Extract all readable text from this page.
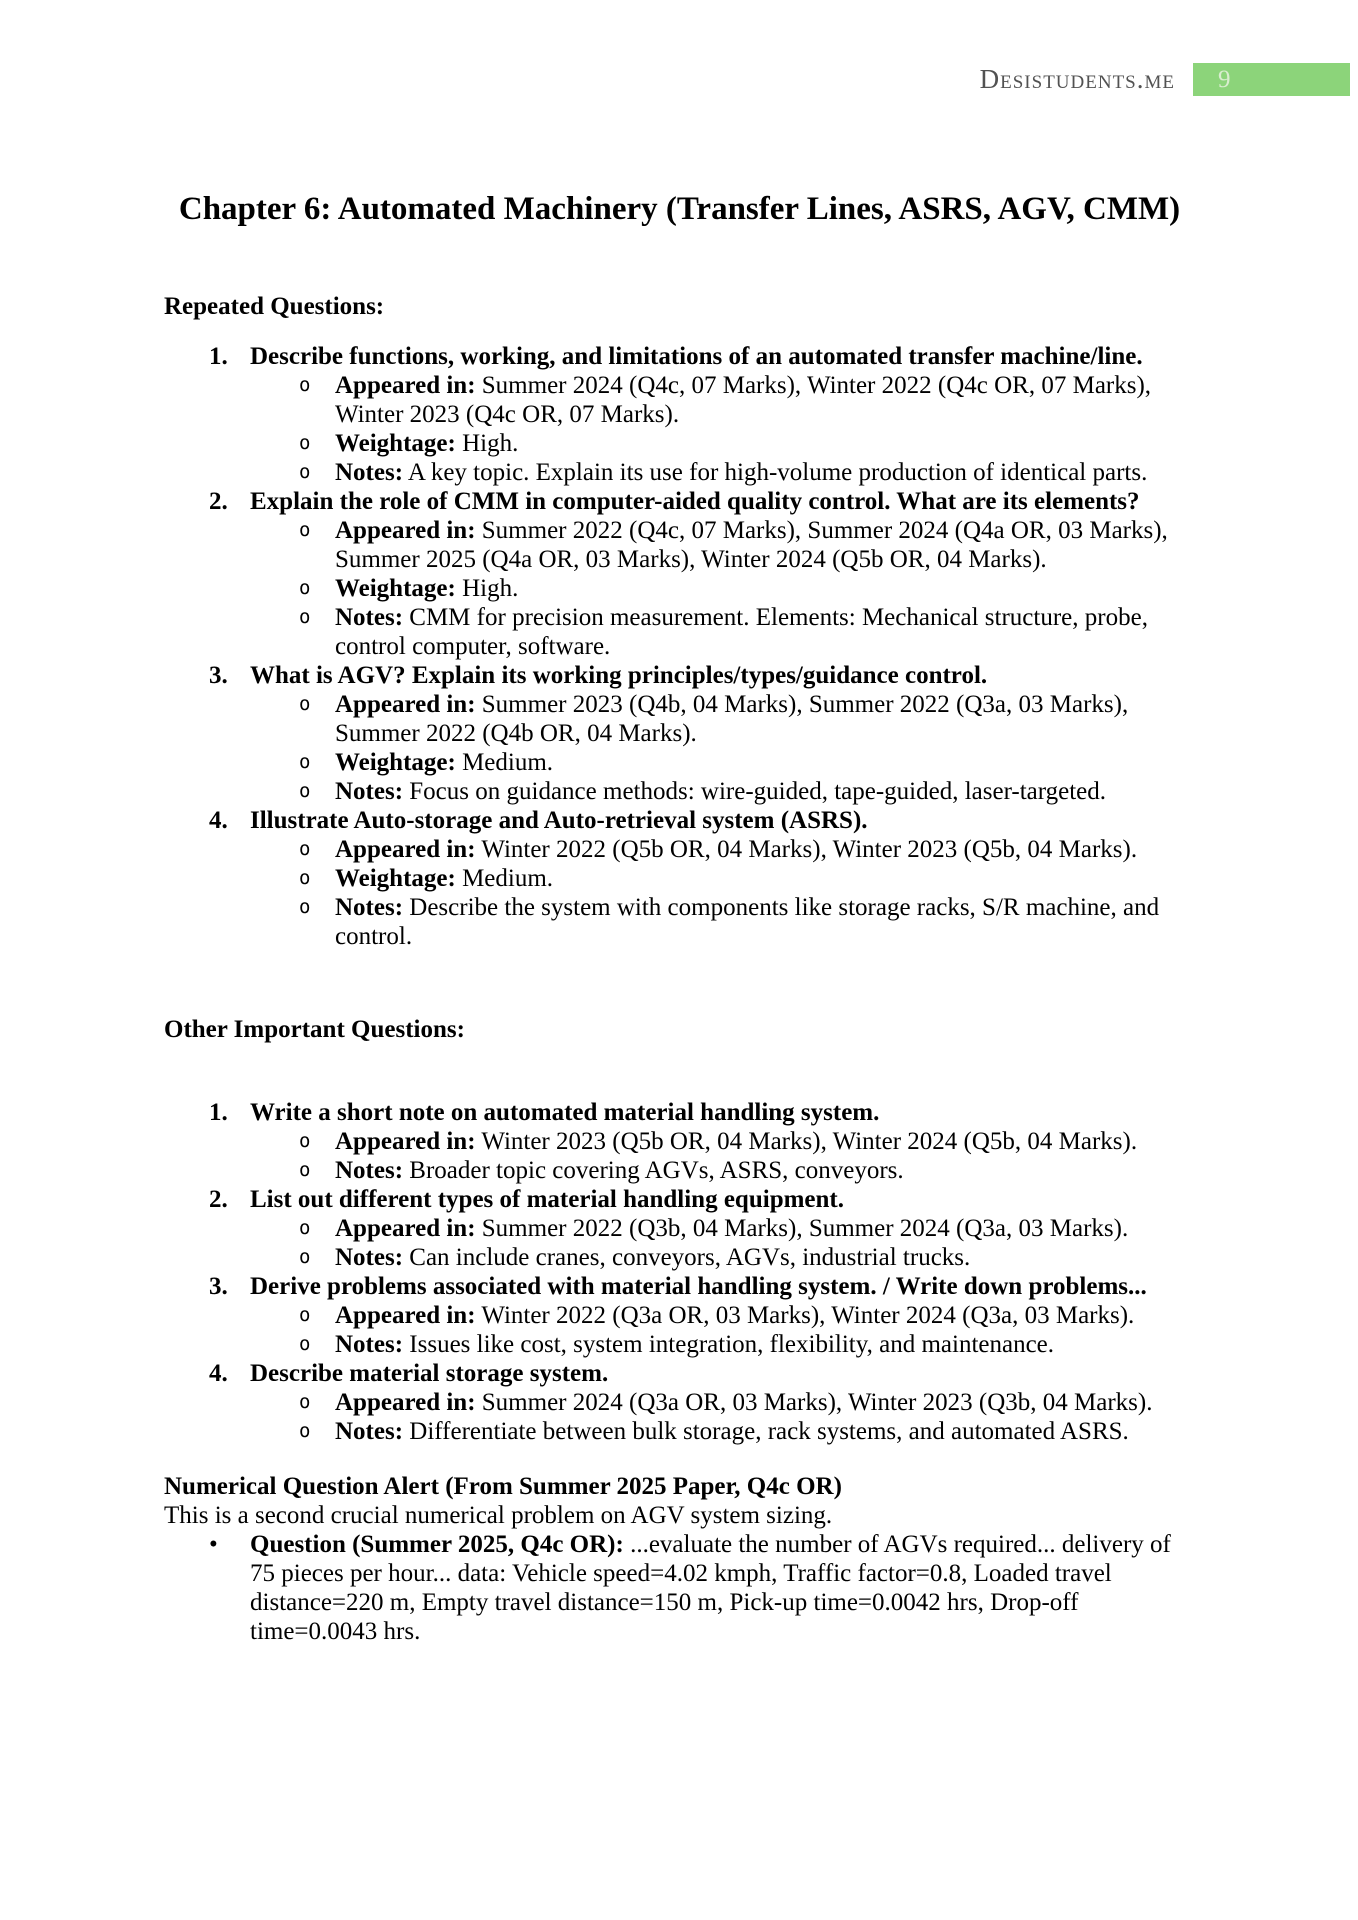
Desistudents.me 9
Chapter 6: Automated Machinery (Transfer Lines, ASRS, AGV, CMM)
Repeated Questions:
1. Describe functions, working, and limitations of an automated transfer machine/line.
o Appeared in: Summer 2024 (Q4c, 07 Marks), Winter 2022 (Q4c OR, 07 Marks), Winter 2023 (Q4c OR, 07 Marks).
o Weightage: High.
o Notes: A key topic. Explain its use for high-volume production of identical parts.
2. Explain the role of CMM in computer-aided quality control. What are its elements?
o Appeared in: Summer 2022 (Q4c, 07 Marks), Summer 2024 (Q4a OR, 03 Marks), Summer 2025 (Q4a OR, 03 Marks), Winter 2024 (Q5b OR, 04 Marks).
o Weightage: High.
o Notes: CMM for precision measurement. Elements: Mechanical structure, probe, control computer, software.
3. What is AGV? Explain its working principles/types/guidance control.
o Appeared in: Summer 2023 (Q4b, 04 Marks), Summer 2022 (Q3a, 03 Marks), Summer 2022 (Q4b OR, 04 Marks).
o Weightage: Medium.
o Notes: Focus on guidance methods: wire-guided, tape-guided, laser-targeted.
4. Illustrate Auto-storage and Auto-retrieval system (ASRS).
o Appeared in: Winter 2022 (Q5b OR, 04 Marks), Winter 2023 (Q5b, 04 Marks).
o Weightage: Medium.
o Notes: Describe the system with components like storage racks, S/R machine, and control.
Other Important Questions:
1. Write a short note on automated material handling system.
o Appeared in: Winter 2023 (Q5b OR, 04 Marks), Winter 2024 (Q5b, 04 Marks).
o Notes: Broader topic covering AGVs, ASRS, conveyors.
2. List out different types of material handling equipment.
o Appeared in: Summer 2022 (Q3b, 04 Marks), Summer 2024 (Q3a, 03 Marks).
o Notes: Can include cranes, conveyors, AGVs, industrial trucks.
3. Derive problems associated with material handling system. / Write down problems...
o Appeared in: Winter 2022 (Q3a OR, 03 Marks), Winter 2024 (Q3a, 03 Marks).
o Notes: Issues like cost, system integration, flexibility, and maintenance.
4. Describe material storage system.
o Appeared in: Summer 2024 (Q3a OR, 03 Marks), Winter 2023 (Q3b, 04 Marks).
o Notes: Differentiate between bulk storage, rack systems, and automated ASRS.
Numerical Question Alert (From Summer 2025 Paper, Q4c OR)
This is a second crucial numerical problem on AGV system sizing.
•	Question (Summer 2025, Q4c OR): ...evaluate the number of AGVs required... delivery of 75 pieces per hour... data: Vehicle speed=4.02 kmph, Traffic factor=0.8, Loaded travel distance=220 m, Empty travel distance=150 m, Pick-up time=0.0042 hrs, Drop-off time=0.0043 hrs.
